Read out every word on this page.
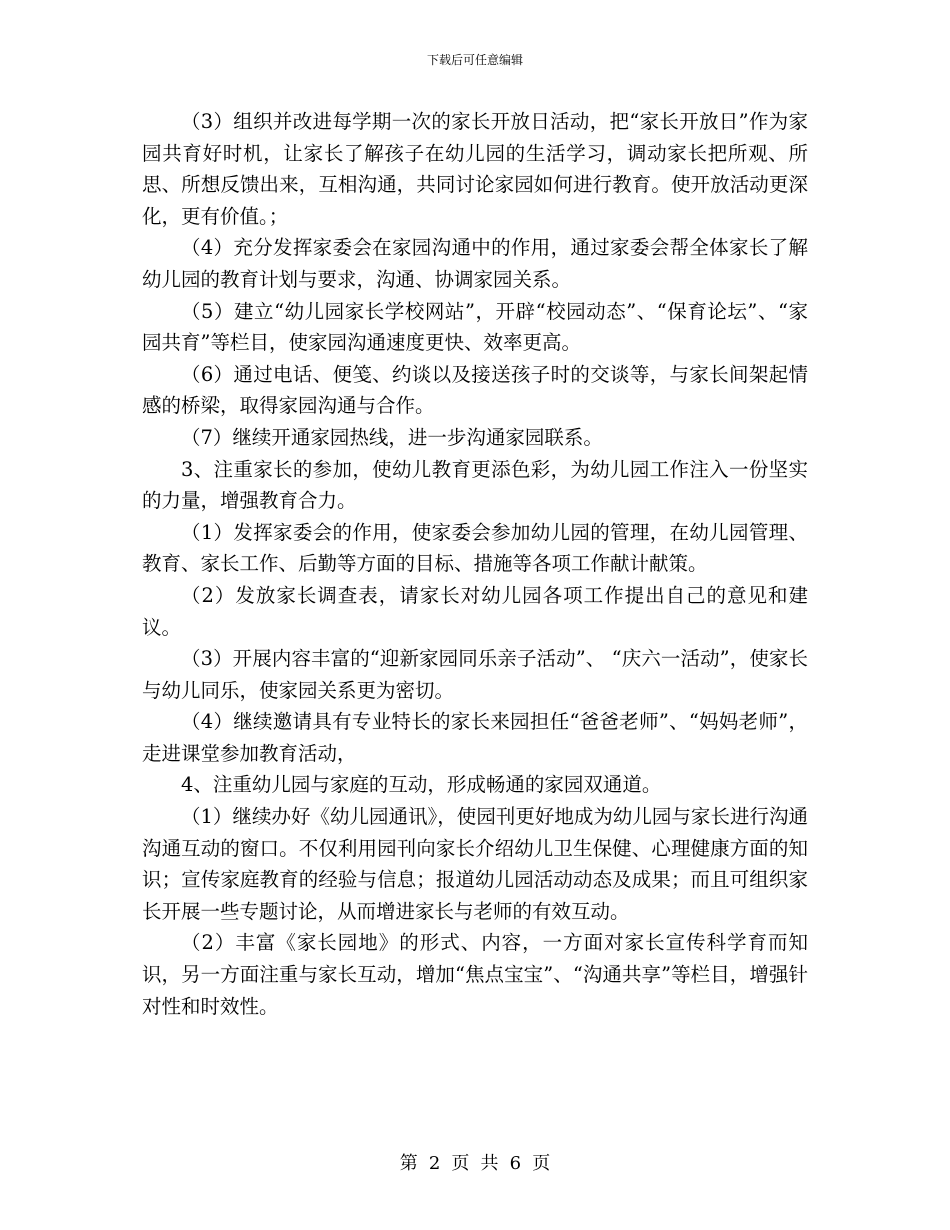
下载后可任意编辑

（3）组织并改进每学期一次的家长开放日活动，把“家长开放日”作为家园共育好时机，让家长了解孩子在幼儿园的生活学习，调动家长把所观、所思、所想反馈出来，互相沟通，共同讨论家园如何进行教育。使开放活动更深化，更有价值。；

（4）充分发挥家委会在家园沟通中的作用，通过家委会帮全体家长了解幼儿园的教育计划与要求，沟通、协调家园关系。

（5）建立“幼儿园家长学校网站”，开辟“校园动态”、“保育论坛”、“家园共育”等栏目，使家园沟通速度更快、效率更高。

（6）通过电话、便笺、约谈以及接送孩子时的交谈等，与家长间架起情感的桥梁，取得家园沟通与合作。

（7）继续开通家园热线，进一步沟通家园联系。

3、注重家长的参加，使幼儿教育更添色彩，为幼儿园工作注入一份坚实的力量，增强教育合力。

（1）发挥家委会的作用，使家委会参加幼儿园的管理，在幼儿园管理、教育、家长工作、后勤等方面的目标、措施等各项工作献计献策。

（2）发放家长调查表，请家长对幼儿园各项工作提出自己的意见和建议。

（3）开展内容丰富的“迎新家园同乐亲子活动”、 “庆六一活动”，使家长与幼儿同乐，使家园关系更为密切。

（4）继续邀请具有专业特长的家长来园担任“爸爸老师”、“妈妈老师”，走进课堂参加教育活动，

4、注重幼儿园与家庭的互动，形成畅通的家园双通道。

（1）继续办好《幼儿园通讯》，使园刊更好地成为幼儿园与家长进行沟通沟通互动的窗口。不仅利用园刊向家长介绍幼儿卫生保健、心理健康方面的知识；宣传家庭教育的经验与信息；报道幼儿园活动动态及成果；而且可组织家长开展一些专题讨论，从而增进家长与老师的有效互动。

（2）丰富《家长园地》的形式、内容，一方面对家长宣传科学育而知识，另一方面注重与家长互动，增加“焦点宝宝”、“沟通共享”等栏目，增强针对性和时效性。

第 2 页 共 6 页
